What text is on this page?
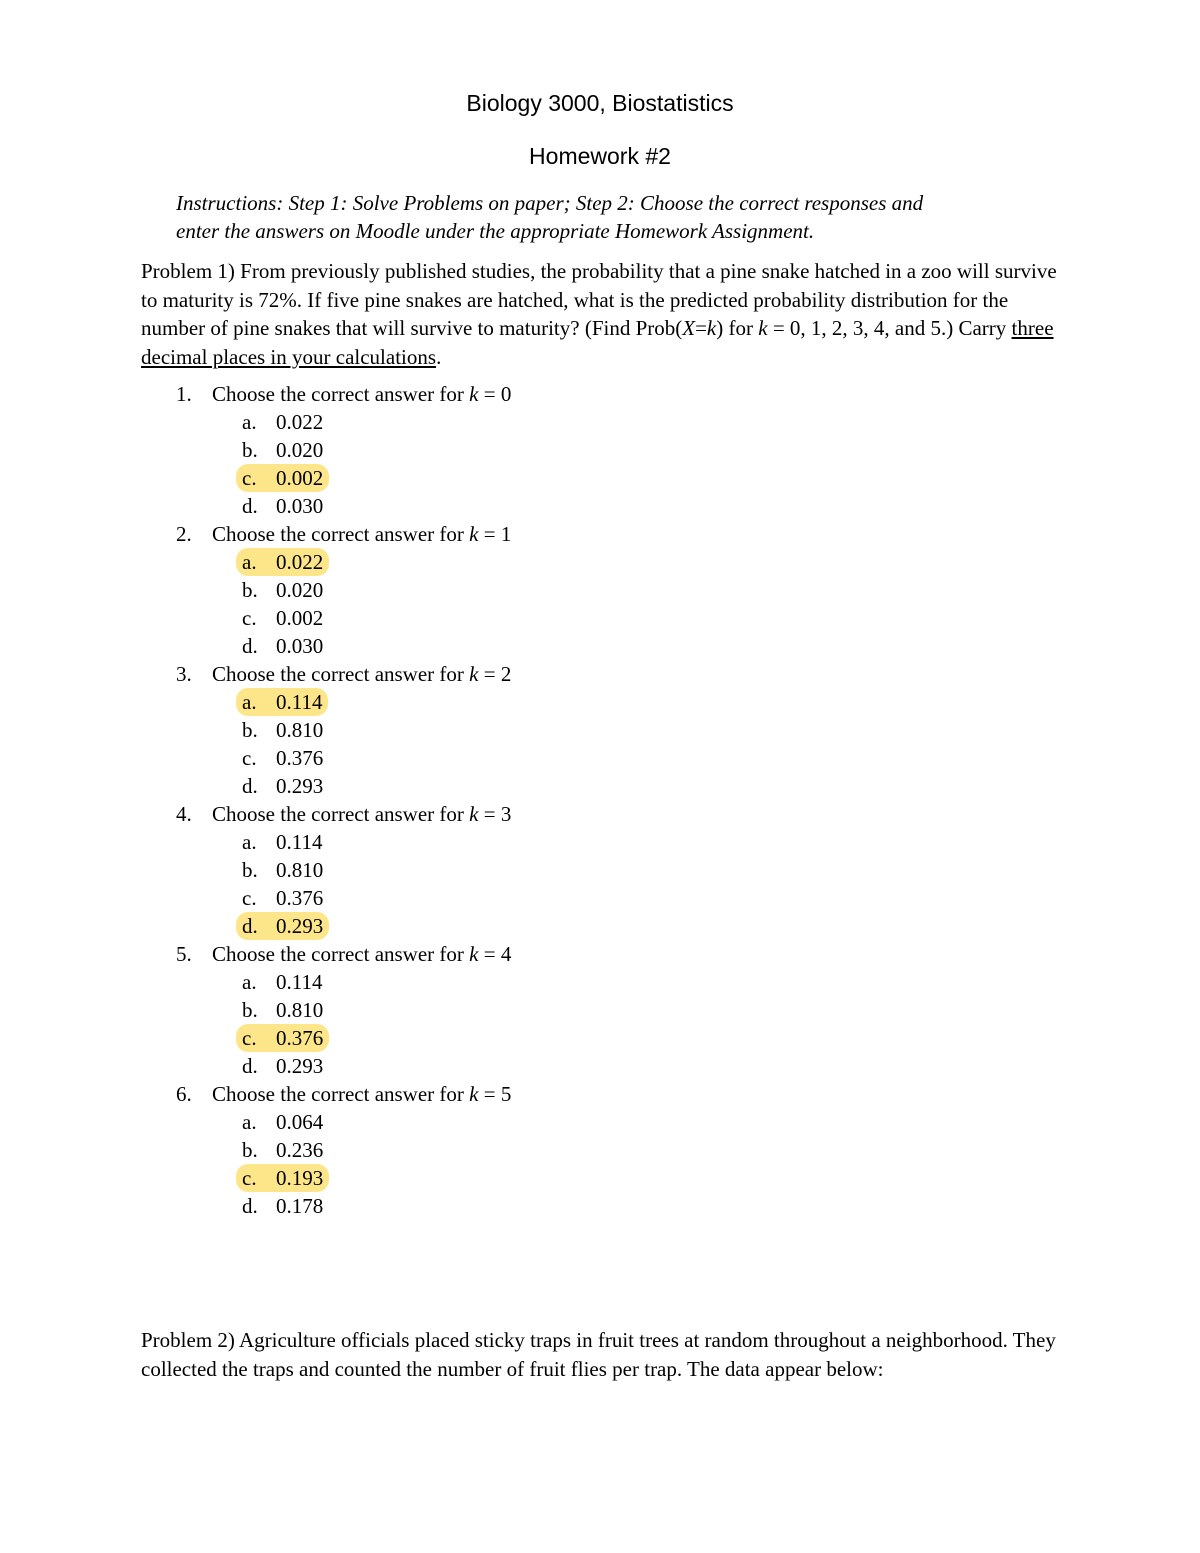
Biology 3000, Biostatistics
Homework #2
Instructions: Step 1: Solve Problems on paper; Step 2: Choose the correct responses and
enter the answers on Moodle under the appropriate Homework Assignment.
Problem 1) From previously published studies, the probability that a pine snake hatched in a zoo will survive to maturity is 72%. If five pine snakes are hatched, what is the predicted probability distribution for the number of pine snakes that will survive to maturity? (Find Prob(X=k) for k = 0, 1, 2, 3, 4, and 5.) Carry three decimal places in your calculations.
1. Choose the correct answer for k = 0
a. 0.022
b. 0.020
c. 0.002
d. 0.030
2. Choose the correct answer for k = 1
a. 0.022
b. 0.020
c. 0.002
d. 0.030
3. Choose the correct answer for k = 2
a. 0.114
b. 0.810
c. 0.376
d. 0.293
4. Choose the correct answer for k = 3
a. 0.114
b. 0.810
c. 0.376
d. 0.293
5. Choose the correct answer for k = 4
a. 0.114
b. 0.810
c. 0.376
d. 0.293
6. Choose the correct answer for k = 5
a. 0.064
b. 0.236
c. 0.193
d. 0.178
Problem 2) Agriculture officials placed sticky traps in fruit trees at random throughout a neighborhood. They collected the traps and counted the number of fruit flies per trap. The data appear below:
